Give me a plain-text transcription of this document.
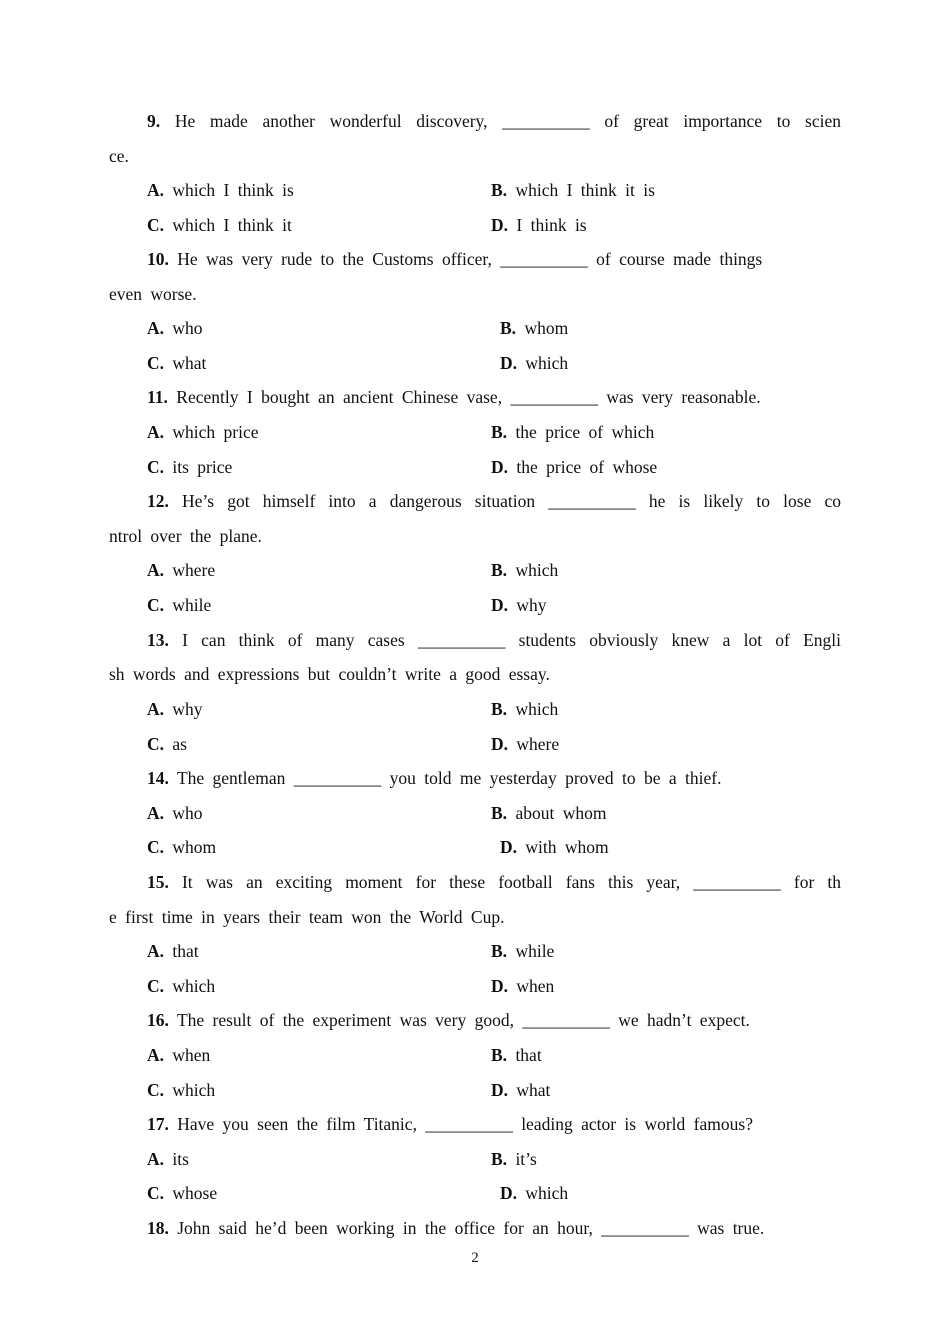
9. He made another wonderful discovery, __________ of great importance to scien
ce.
A. which I think is	B. which I think it is
C. which I think it	D. I think is
10. He was very rude to the Customs officer, __________ of course made things
even worse.
A. who	B. whom
C. what	D. which
11. Recently I bought an ancient Chinese vase, __________ was very reasonable.
A. which price	B. the price of which
C. its price	D. the price of whose
12. He’s got himself into a dangerous situation __________ he is likely to lose co
ntrol over the plane.
A. where	B. which
C. while	D. why
13. I can think of many cases __________ students obviously knew a lot of Engli
sh words and expressions but couldn’t write a good essay.
A. why	B. which
C. as	D. where
14. The gentleman __________ you told me yesterday proved to be a thief.
A. who	B. about whom
C. whom	D. with whom
15. It was an exciting moment for these football fans this year, __________ for th
e first time in years their team won the World Cup.
A. that	B. while
C. which	D. when
16. The result of the experiment was very good, __________ we hadn’t expect.
A. when	B. that
C. which	D. what
17. Have you seen the film Titanic, __________ leading actor is world famous?
A. its	B. it’s
C. whose	D. which
18. John said he’d been working in the office for an hour, __________ was true.
2
